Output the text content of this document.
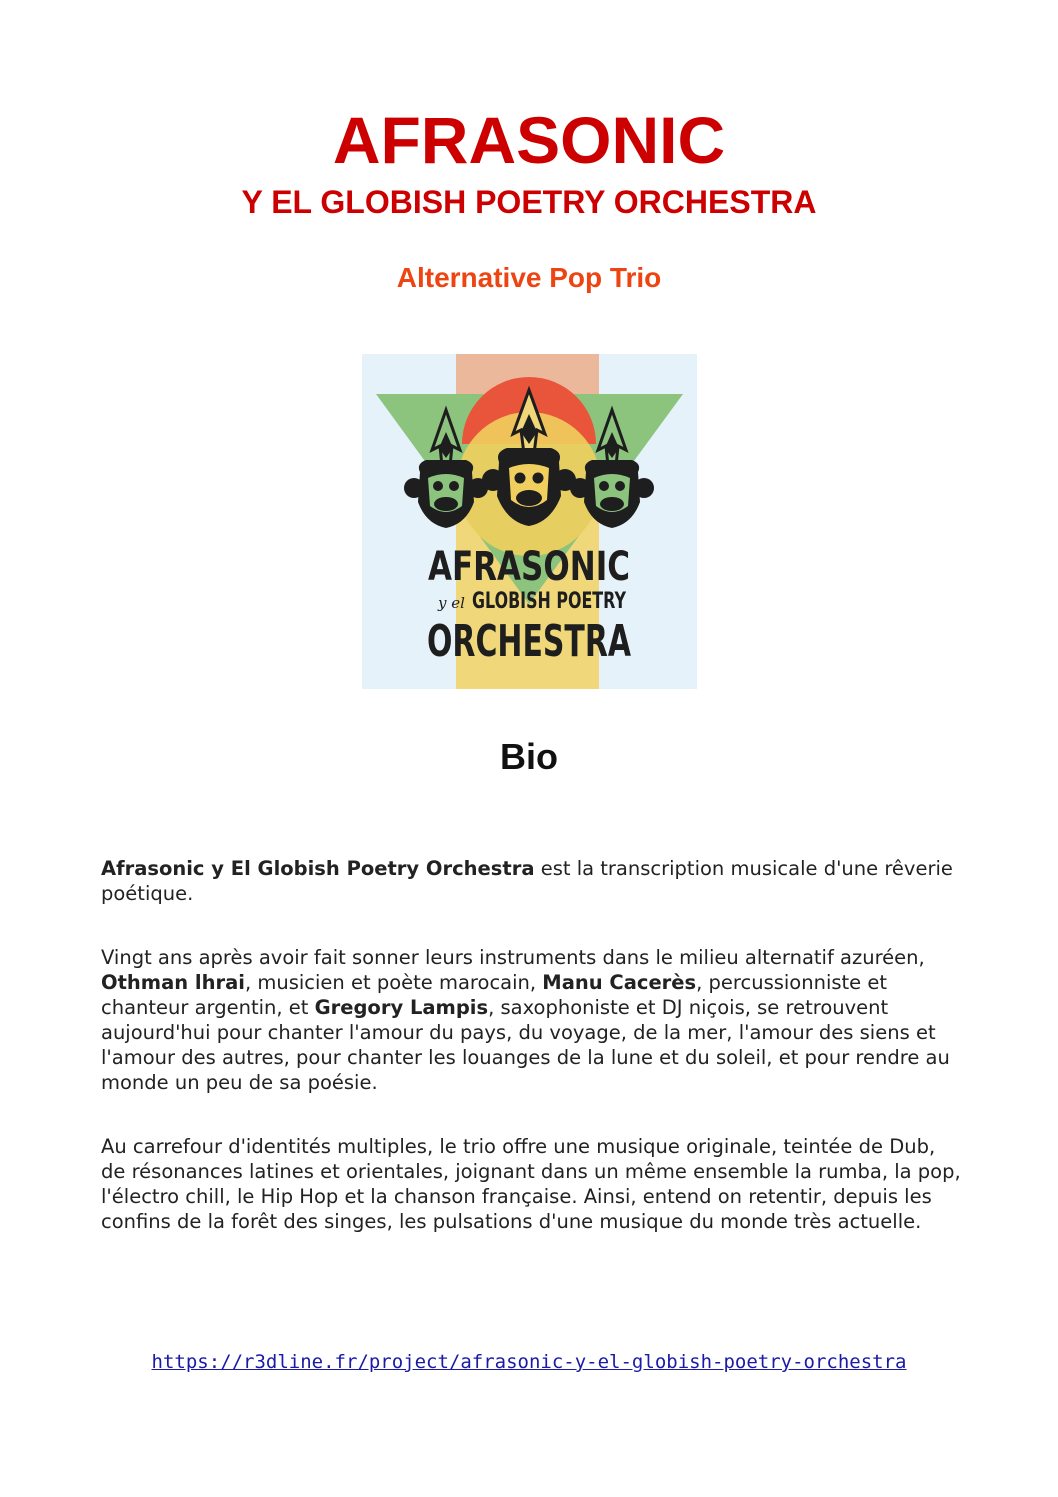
AFRASONIC
Y EL GLOBISH POETRY ORCHESTRA
Alternative Pop Trio
AFRASONIC
y el GLOBISH POETRY
ORCHESTRA
Bio

Afrasonic y El Globish Poetry Orchestra est la transcription musicale d'une rêverie poétique.

Vingt ans après avoir fait sonner leurs instruments dans le milieu alternatif azuréen, Othman lhrai, musicien et poète marocain, Manu Cacerès, percussionniste et chanteur argentin, et Gregory Lampis, saxophoniste et DJ niçois, se retrouvent aujourd'hui pour chanter l'amour du pays, du voyage, de la mer, l'amour des siens et l'amour des autres, pour chanter les louanges de la lune et du soleil, et pour rendre au monde un peu de sa poésie.

Au carrefour d'identités multiples, le trio offre une musique originale, teintée de Dub, de résonances latines et orientales, joignant dans un même ensemble la rumba, la pop, l'électro chill, le Hip Hop et la chanson française. Ainsi, entend on retentir, depuis les confins de la forêt des singes, les pulsations d'une musique du monde très actuelle.

https://r3dline.fr/project/afrasonic-y-el-globish-poetry-orchestra
